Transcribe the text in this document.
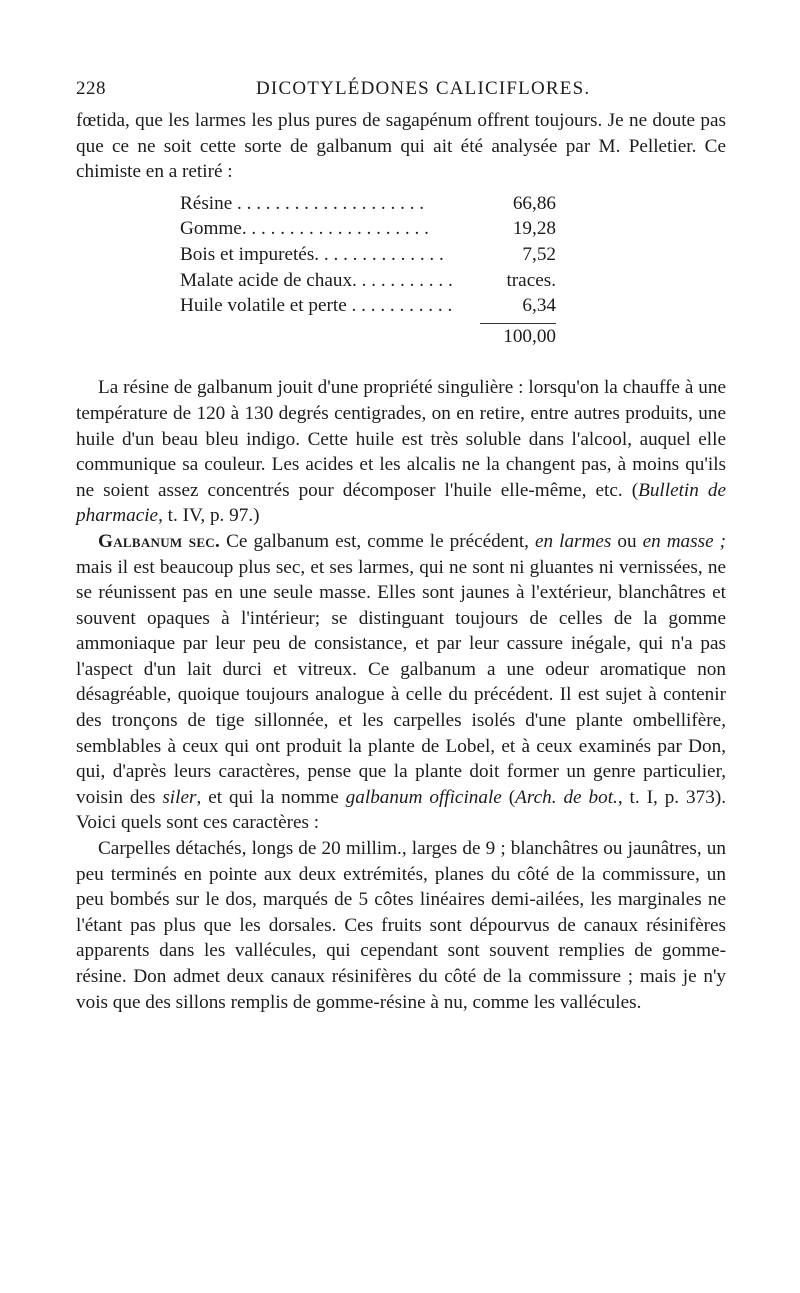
228	DICOTYLÉDONES CALICIFLORES.

fœtida, que les larmes les plus pures de sagapénum offrent toujours. Je ne doute pas que ce ne soit cette sorte de galbanum qui ait été analysée par M. Pelletier. Ce chimiste en a retiré :

Résine . . . . . . . . . . . . . . . . . . . .	66,86
Gomme. . . . . . . . . . . . . . . . . . . .	19,28
Bois et impuretés. . . . . . . . . . . . . .	7,52
Malate acide de chaux. . . . . . . . . . .	traces.
Huile volatile et perte . . . . . . . . . . .	6,34
100,00

La résine de galbanum jouit d'une propriété singulière : lorsqu'on la chauffe à une température de 120 à 130 degrés centigrades, on en retire, entre autres produits, une huile d'un beau bleu indigo. Cette huile est très soluble dans l'alcool, auquel elle communique sa couleur. Les acides et les alcalis ne la changent pas, à moins qu'ils ne soient assez concentrés pour décomposer l'huile elle-même, etc. (Bulletin de pharmacie, t. IV, p. 97.)

Galbanum sec. Ce galbanum est, comme le précédent, en larmes ou en masse ; mais il est beaucoup plus sec, et ses larmes, qui ne sont ni gluantes ni vernissées, ne se réunissent pas en une seule masse. Elles sont jaunes à l'extérieur, blanchâtres et souvent opaques à l'intérieur; se distinguant toujours de celles de la gomme ammoniaque par leur peu de consistance, et par leur cassure inégale, qui n'a pas l'aspect d'un lait durci et vitreux. Ce galbanum a une odeur aromatique non désagréable, quoique toujours analogue à celle du précédent. Il est sujet à contenir des tronçons de tige sillonnée, et les carpelles isolés d'une plante ombellifère, semblables à ceux qui ont produit la plante de Lobel, et à ceux examinés par Don, qui, d'après leurs caractères, pense que la plante doit former un genre particulier, voisin des siler, et qui la nomme galbanum officinale (Arch. de bot., t. I, p. 373). Voici quels sont ces caractères :

Carpelles détachés, longs de 20 millim., larges de 9 ; blanchâtres ou jaunâtres, un peu terminés en pointe aux deux extrémités, planes du côté de la commissure, un peu bombés sur le dos, marqués de 5 côtes linéaires demi-ailées, les marginales ne l'étant pas plus que les dorsales. Ces fruits sont dépourvus de canaux résinifères apparents dans les vallécules, qui cependant sont souvent remplies de gomme-résine. Don admet deux canaux résinifères du côté de la commissure ; mais je n'y vois que des sillons remplis de gomme-résine à nu, comme les vallécules.
